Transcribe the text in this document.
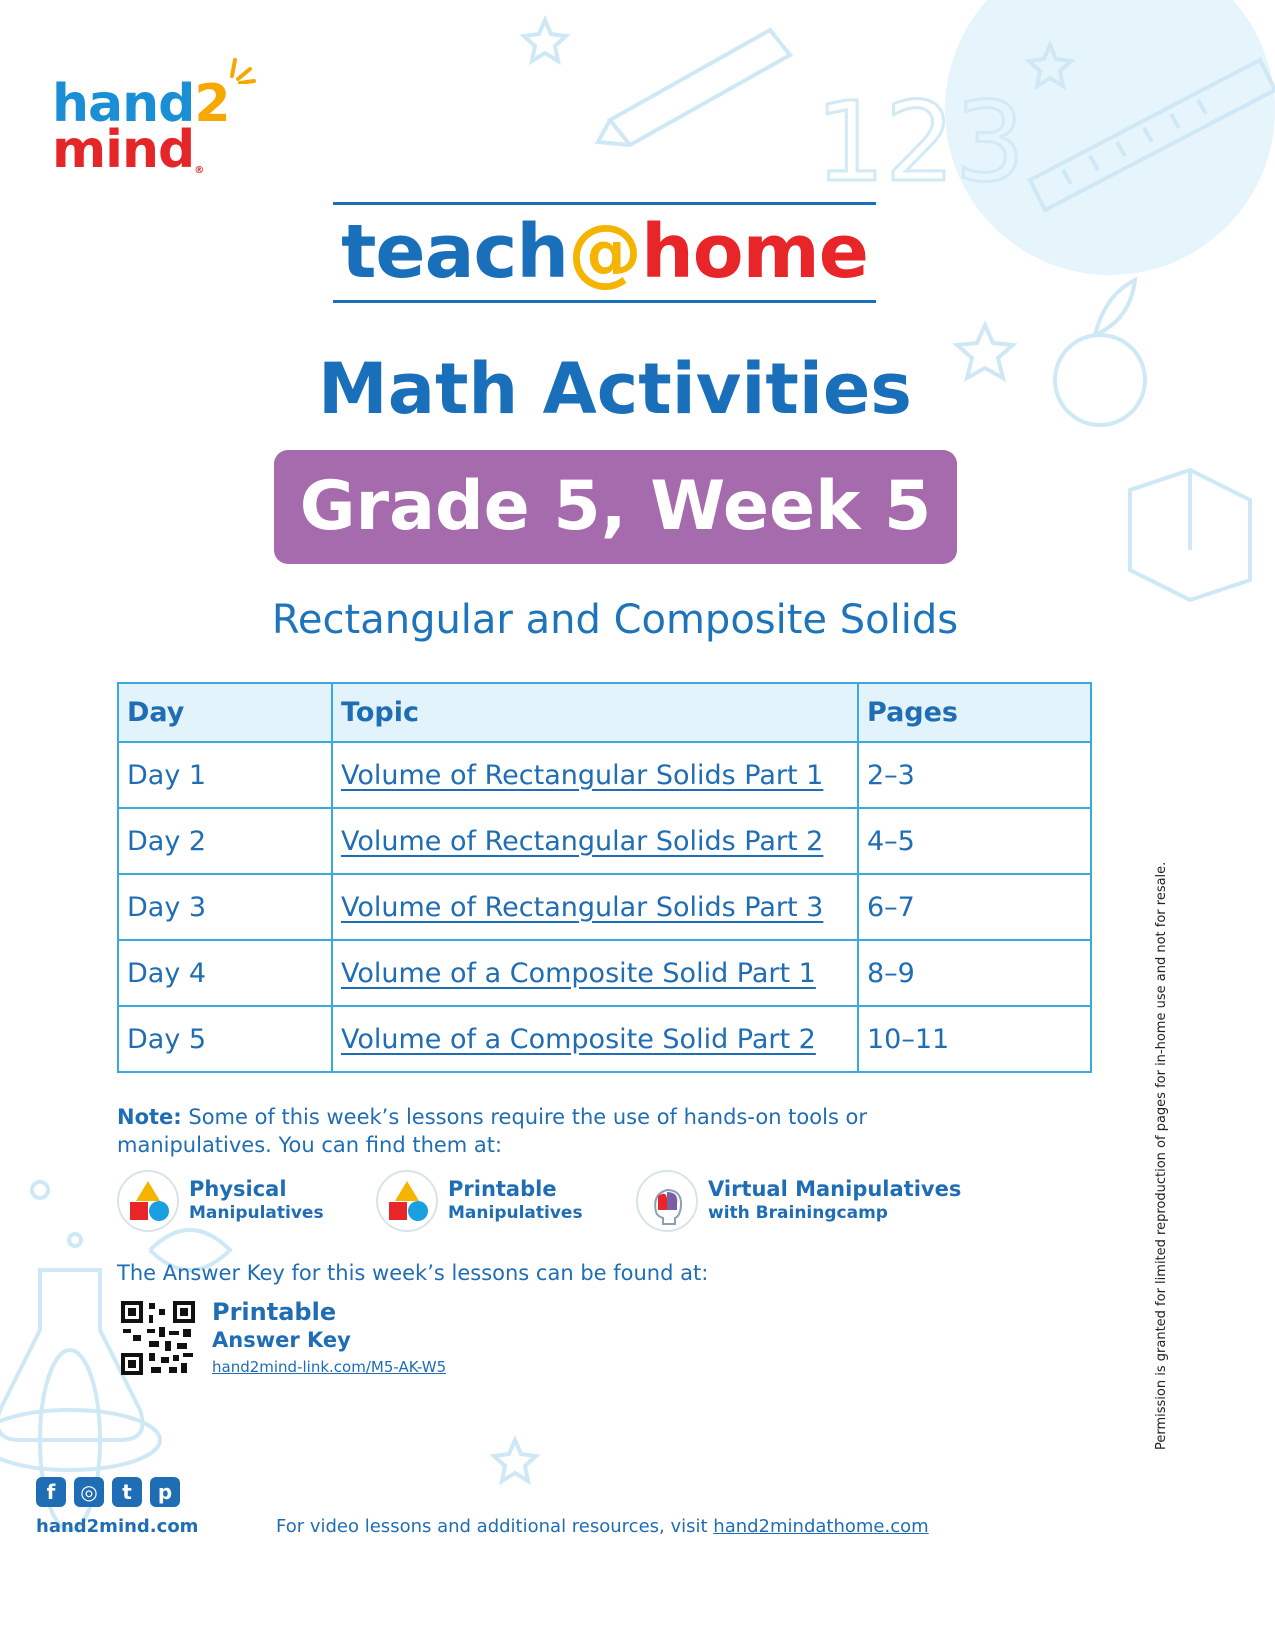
123
hand2
mind®
teach@home
Math Activities
Grade 5, Week 5
Rectangular and Composite Solids
Day	Topic	Pages
Day 1	Volume of Rectangular Solids Part 1	2–3
Day 2	Volume of Rectangular Solids Part 2	4–5
Day 3	Volume of Rectangular Solids Part 3	6–7
Day 4	Volume of a Composite Solid Part 1	8–9
Day 5	Volume of a Composite Solid Part 2	10–11
Note: Some of this week’s lessons require the use of hands-on tools or manipulatives. You can find them at:
Physical
Manipulatives
Printable
Manipulatives
Virtual Manipulatives
with Brainingcamp
The Answer Key for this week’s lessons can be found at:
Printable
Answer Key
hand2mind-link.com/M5-AK-W5	Permission is granted for limited reproduction of pages for in-home use and not for resale.
f	◎	t	p
hand2mind.com	For video lessons and additional resources, visit hand2mindathome.com
